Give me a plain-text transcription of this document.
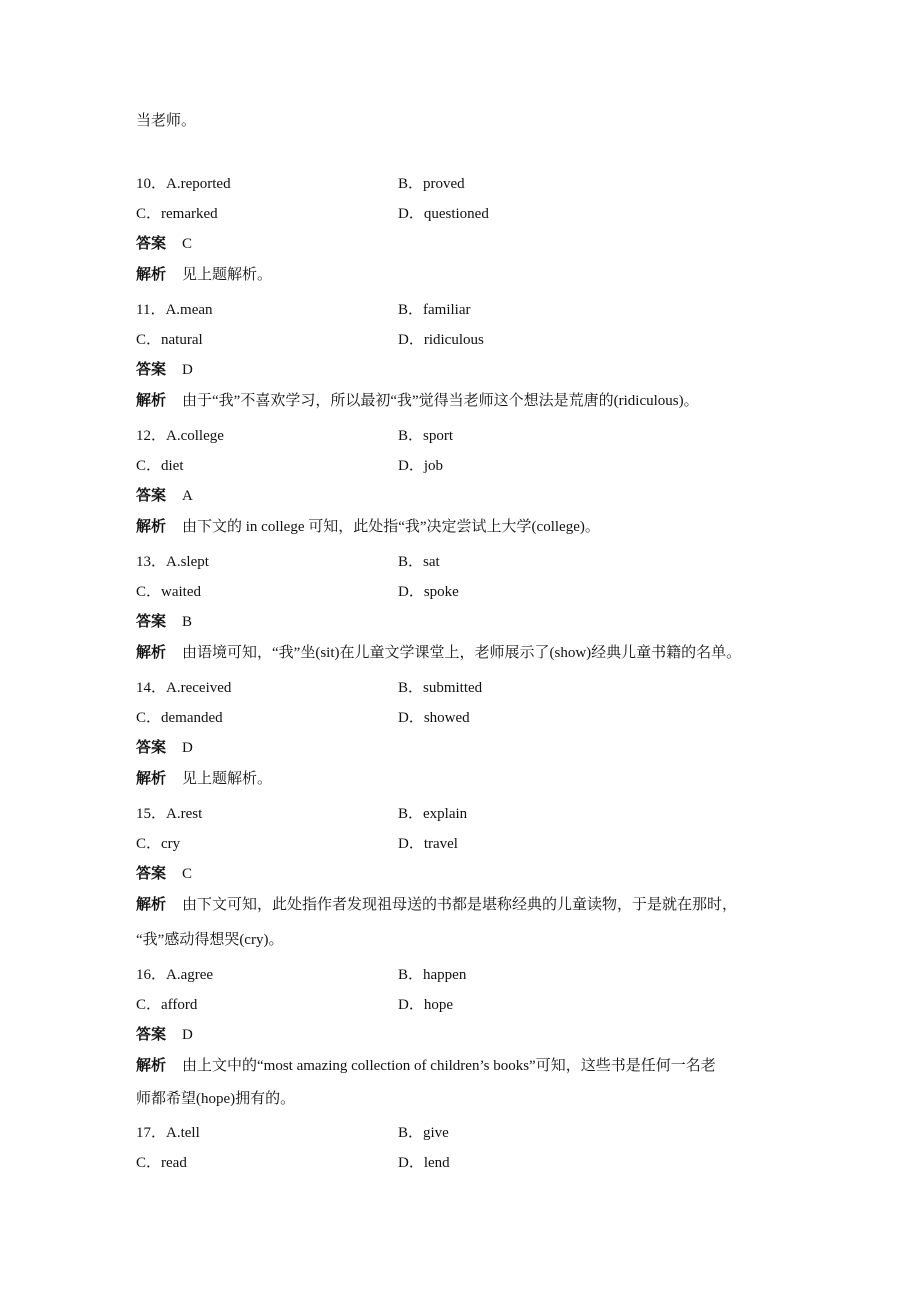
当老师。
10．A.reported	B．proved
C．remarked	D．questioned
答案 C
解析 见上题解析。
11．A.mean	B．familiar
C．natural	D．ridiculous
答案 D
解析 由于“我”不喜欢学习，所以最初“我”觉得当老师这个想法是荒唐的(ridiculous)。
12．A.college	B．sport
C．diet	D．job
答案 A
解析 由下文的 in college 可知，此处指“我”决定尝试上大学(college)。
13．A.slept	B．sat
C．waited	D．spoke
答案 B
解析 由语境可知，“我”坐(sit)在儿童文学课堂上，老师展示了(show)经典儿童书籍的名单。
14．A.received	B．submitted
C．demanded	D．showed
答案 D
解析 见上题解析。
15．A.rest	B．explain
C．cry	D．travel
答案 C
解析 由下文可知，此处指作者发现祖母送的书都是堪称经典的儿童读物，于是就在那时，
“我”感动得想哭(cry)。
16．A.agree	B．happen
C．afford	D．hope
答案 D
解析 由上文中的“most amazing collection of children’s books”可知，这些书是任何一名老
师都希望(hope)拥有的。
17．A.tell	B．give
C．read	D．lend
